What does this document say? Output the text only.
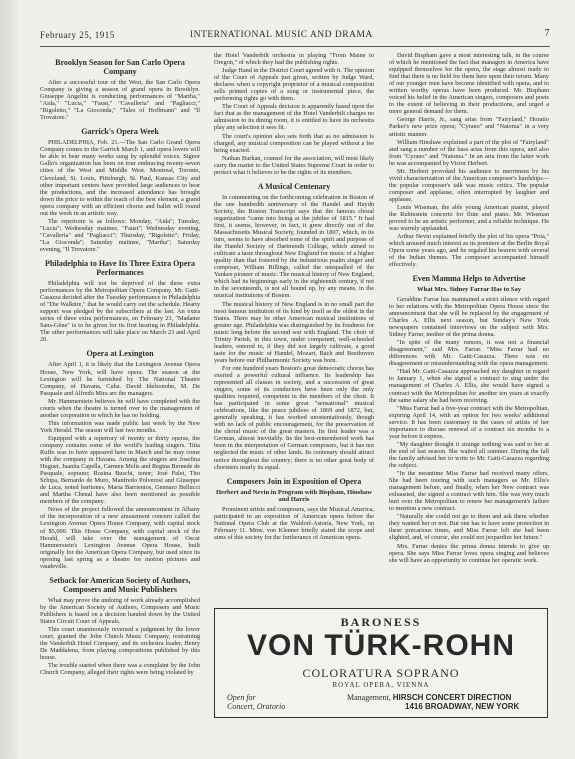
February 25, 1915	INTERNATIONAL MUSIC AND DRAMA	7
Brooklyn Season for San Carlo Opera Company

After a successful tour of the West, the San Carlo Opera Company is giving a season of grand opera in Brooklyn. Giuseppe Angelini is conducting performances of "Martha," "Aida," "Lucia," "Faust," "Cavalleria" and "Pagliacci," "Rigoletto," "La Gioconda," "Tales of Hoffmann" and "Il Trovatore."

Garrick's Opera Week

PHILADELPHIA, Feb. 21.—The San Carlo Grand Opera Company comes to the Garrick March 1, and opera lovers will be able to hear many works sung by splendid voices. Signor Gallo's organization has been on tour embracing twenty-seven cities of the West and Middle West. Montreal, Toronto, Cleveland, St. Louis, Pittsburgh, St. Paul, Kansas City and other important centres have provided large audiences to hear the productions, and the increased attendance has brought down the price to within the reach of the best element, a grand opera company with an efficient chorus and ballet will round out the week in an artistic way.

The repertoire is as follows: Monday, "Aida"; Tuesday, "Lucia"; Wednesday matinee, "Faust"; Wednesday evening, "Cavalleria" and "Pagliacci"; Thursday, "Rigoletto"; Friday, "La Gioconda"; Saturday matinee, "Martha"; Saturday evening, "Il Trovatore."

Philadelphia to Have Its Three Extra Opera Performances

Philadelphia will not be deprived of the three extra performances by the Metropolitan Opera Company. Mr. Gatti-Casazza decided after the Tuesday performance in Philadelphia of "Die Walküre," that he would carry out the schedule. Hearty support was pledged by the subscribers at the last. An extra series of three extra performances, on February 23, "Madame Sans-Gêne" is to be given for its first hearing in Philadelphia. The other performances will take place on March 23 and April 20.

Opera at Lexington

After April 1, it is likely that the Lexington Avenue Opera House, New York, will have opera. The season at the Lexington will be furnished by The National Theatre Company, of Havana, Cuba. David Idelsonohn, M. De Pasquale and Alfredo Mira are the managers.

Mr. Hammerstein believes he will have completed with the courts when the theatre is turned over to the management of another corporation in which he has no holding.

This information was made public last week by the New York Herald. The season will last two months.

Equipped with a repertory of twenty or thirty operas, the company contains some of the world's leading singers. Titta Ruffo was to have appeared here in March and he may come with the company in Havana. Among the singers are Josefina Huguet, Juanita Capella, Carmen Melis and Regina Bernede de Pasquale, soprano; Rosina Buschi, tenor; José Palet, Tito Schipa, Bernardo de Muro, Manfredo Polverosi and Giuseppe de Luca, noted baritones, Maria Barrientos, Gennaro Bellucci and Martha Chenal have also been mentioned as possible members of the company.

News of the project followed the announcement in Albany of the incorporation of a new amusement concern called the Lexington Avenue Opera House Company, with capital stock of $5,000. This House Company, with capital stock of the Herald, will take over the management of Oscar Hammerstein's Lexington Avenue Opera House, built originally for the American Opera Company, but used since its opening last spring as a theatre for motion pictures and vaudeville.

Setback for American Society of Authors, Composers and Music Publishers

What may prove the undoing of work already accomplished by the American Society of Authors, Composers and Music Publishers is based on a decision handed down by the United States Circuit Court of Appeals.

This court unanimously reversed a judgment by the lower court, granted the John Church Music Company, restraining the Vanderbilt Hotel Company, and its orchestra leader, Henry De Maddalena, from playing compositions published by this house.

The trouble started when there was a complaint by the John Church Company, alleged their rights were being violated by

the Hotel Vanderbilt orchestra in playing "From Maine to Oregon," of which they had the publishing rights.

Judge Hand in the District Court agreed with it. The opinion of the Court of Appeals just given, written by Judge Ward, declares when a copyright proprietor of a musical composition sells printed copies of a song or instrumental piece, the performing rights go with them.

The Court of Appeals decision is apparently based upon the fact that as the management of the Hotel Vanderbilt charges no admission to its dining room, it is entitled to have its orchestra play any selection it sees fit.

The court's opinion also sets forth that as no admission is charged, any musical composition can be played without a fee being exacted.

Nathan Burkan, counsel for the association, will most likely carry the matter to the United States Supreme Court in order to protect what it believes to be the rights of its members.

A Musical Centenary

In commenting on the forthcoming celebration in Boston of the one hundredth anniversary of the Handel and Haydn Society, the Boston Transcript says that the famous choral organization "came into being at the jubilee of 1815." It had first, it seems, however, in fact, it grew directly out of the Massachusetts Musical Society, founded in 1807, which, in its turn, seems to have absorbed some of the spirit and purpose of the Handel Society of Dartmouth College, which aimed to cultivate a taste throughout New England for music of a higher quality than that fostered by the industrious psalm singer and composer, William Billings, called the unequalled of the Yankee pioneer of music. The musical history of New England, which had its beginnings early in the eighteenth century, if not in the seventeenth, is not all bound up, by any means, in the musical institutions of Boston.

The musical history of New England is in no small part the most famous institution of its kind by itself as the oldest in the States. There may be other American musical institutions of greater age. Philadelphia was distinguished by its fondness for music long before the second war with England. The choir of Trinity Parish, in this town, under competent, well-schooled leaders, entered to, if they did not largely cultivate, a good taste for the music of Handel, Mozart, Bach and Beethoven years before our Philharmonic Society was born.

For one hundred years Boston's great democratic chorus has exerted a powerful cultural influence. Its leadership has represented all classes in society, and a succession of great singers, some of its conductors have been only the only qualities required, competent in the members of the choir. It has participated in some great "sensational" musical celebrations, like the peace jubilees of 1869 and 1872, but, generally speaking, it has worked unostentatiously, though with no lack of public encouragement, for the preservation of the choral music of the great masters. Its first leader was a German, almost inevitably. Its the best-remembered work has been in the interpretation of German composers, but it has not neglected the music of other lands. Its centenary should attract notice throughout the country; there is no other great body of choristers nearly its equal.

Composers Join in Exposition of Opera
Herbert and Nevin in Program with Bispham, Hinshaw and Harris

Prominent artists and composers, says the Musical America, participated in an exposition of American opera before the National Opera Club at the Waldorf-Astoria, New York, on February 11. Mme. von Klenner briefly stated the scope and aims of this society for the furtherance of American opera.

David Bispham gave a most interesting talk, in the course of which he mentioned the fact that managers in America have equipped themselves for the opera, the stage almost ready to find that there is no field for them here upon their return. Many of our younger men have become identified with opera, and to written worthy operas have been produced. Mr. Bispham voiced his belief in the American singers, composers and poets to the extent of believing in their productions, and urged a more general demand for them.

George Harris, Jr., sang arias from "Fairyland," Horatio Parker's new prize opera; "Cyrano" and "Natoma" in a very artistic manner.

William Hinshaw explained a part of the plot of "Fairyland" and sang a number of the bass arias from this opera, and also from "Cyrano" and "Natoma." In an aria from the latter work he was accompanied by Victor Herbert.

Mr. Herbert provoked his audience to merriment by his vivid characterization of the American composer's hardships—the popular composer's talk was music critics. The popular composer and applause, often interrupted by laughter and applause.

Louis Wissman, the able young American pianist, played the Rubinstein concerto for flute and piano. Mr. Wissman proved to be an artistic performer, and a reliable technique. He was warmly applauded.

Arthur Nevin explained briefly the plot of his opera "Poia," which aroused much interest as its premiere at the Berlin Royal Opera some years ago, and he regaled his hearers with several of the Indian themes. The composer accompanied himself effectively.

Even Mamma Helps to Advertise
What Mrs. Sidney Farrar Has to Say

Geraldine Farrar has maintained a strict silence with regard to her relations with the Metropolitan Opera House since the announcement that she will be replaced by the engagement of Charles A. Ellis next season, but Sunday's New York newspapers contained interviews on the subject with Mrs. Sidney Farrar, mother of the prima donna.

"In spite of the many rumors, it was not a financial disagreement," said Mrs. Farrar. "Miss Farrar had no differences with Mr. Gatti-Casazza. There was no disagreement or misunderstanding with the opera management.

"Had Mr. Gatti-Casazza approached my daughter in regard to January 1, when she signed a contract to sing under the management of Charles A. Ellis, she would have signed a contract with the Metropolitan for another ten years at exactly the same salary she had been receiving.

"Miss Farrar had a five-year contract with the Metropolitan, expiring April 14, with an option for two weeks' additional service. It has been customary in the cases of artists of her importance to discuss renewal of a contract six months to a year before it expires.

"My daughter thought it strange nothing was said to her at the end of last season. She waited all summer. During the fall the family advised her to write to Mr. Gatti-Casazza regarding the subject.

"In the meantime Miss Farrar had received many offers. She had been touring with such managers as Mr. Ellis's management before, and finally, when her New contract was exhausted, she signed a contract with him. She was very much hurt over the Metropolitan to renew her management's failure to mention a new contract.

"Naturally she could not go to them and ask them whether they wanted her or not. But one has to have some protection in these precarious times, and Miss Farrar felt she had been slighted, and, of course, she could not jeopardize her future."

Mrs. Farrar denies the prima donna intends to give up opera. She says Miss Farrar loves opera singing and believes she will have an opportunity to continue her operatic work.

BARONESS
VON TÜRK-ROHN
COLORATURA SOPRANO
ROYAL OPERA, VIENNA
Open for
Concert, Oratorio
Management, HIRSCH CONCERT DIRECTION
1416 BROADWAY, NEW YORK
